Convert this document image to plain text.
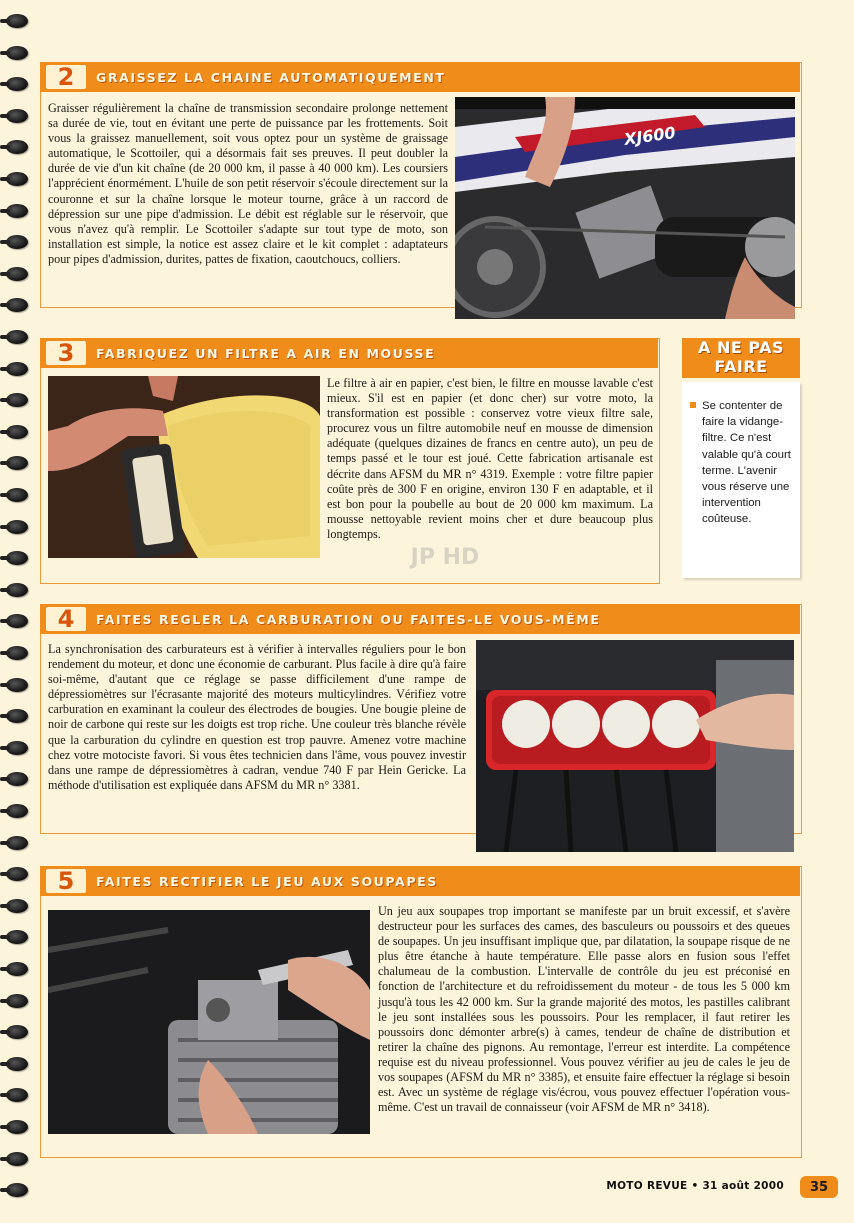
2	GRAISSEZ LA CHAINE AUTOMATIQUEMENT
Graisser régulièrement la chaîne de transmission secondaire prolonge nettement sa durée de vie, tout en évitant une perte de puissance par les frottements. Soit vous la graissez manuellement, soit vous optez pour un système de graissage automatique, le Scottoiler, qui a désormais fait ses preuves. Il peut doubler la durée de vie d'un kit chaîne (de 20 000 km, il passe à 40 000 km). Les coursiers l'apprécient énormément. L'huile de son petit réservoir s'écoule directement sur la couronne et sur la chaîne lorsque le moteur tourne, grâce à un raccord de dépression sur une pipe d'admission. Le débit est réglable sur le réservoir, que vous n'avez qu'à remplir. Le Scottoiler s'adapte sur tout type de moto, son installation est simple, la notice est assez claire et le kit complet : adaptateurs pour pipes d'admission, durites, pattes de fixation, caoutchoucs, colliers.
XJ600
3	FABRIQUEZ UN FILTRE A AIR EN MOUSSE
Le filtre à air en papier, c'est bien, le filtre en mousse lavable c'est mieux. S'il est en papier (et donc cher) sur votre moto, la transformation est possible : conservez votre vieux filtre sale, procurez vous un filtre automobile neuf en mousse de dimension adéquate (quelques dizaines de francs en centre auto), un peu de temps passé et le tour est joué. Cette fabrication artisanale est décrite dans AFSM du MR n° 4319. Exemple : votre filtre papier coûte près de 300 F en origine, environ 130 F en adaptable, et il est bon pour la poubelle au bout de 20 000 km maximum. La mousse nettoyable revient moins cher et dure beaucoup plus longtemps.
JP HD
A NE PAS FAIRE
Se contenter de faire la vidange-filtre. Ce n'est valable qu'à court terme. L'avenir vous réserve une intervention coûteuse.
4	FAITES REGLER LA CARBURATION OU FAITES-LE VOUS-MÊME
La synchronisation des carburateurs est à vérifier à intervalles réguliers pour le bon rendement du moteur, et donc une économie de carburant. Plus facile à dire qu'à faire soi-même, d'autant que ce réglage se passe difficilement d'une rampe de dépressiomètres sur l'écrasante majorité des moteurs multicylindres. Vérifiez votre carburation en examinant la couleur des électrodes de bougies. Une bougie pleine de noir de carbone qui reste sur les doigts est trop riche. Une couleur très blanche révèle que la carburation du cylindre en question est trop pauvre. Amenez votre machine chez votre motociste favori. Si vous êtes technicien dans l'âme, vous pouvez investir dans une rampe de dépressiomètres à cadran, vendue 740 F par Hein Gericke. La méthode d'utilisation est expliquée dans AFSM du MR n° 3381.
5	FAITES RECTIFIER LE JEU AUX SOUPAPES
Un jeu aux soupapes trop important se manifeste par un bruit excessif, et s'avère destructeur pour les surfaces des cames, des basculeurs ou poussoirs et des queues de soupapes. Un jeu insuffisant implique que, par dilatation, la soupape risque de ne plus être étanche à haute température. Elle passe alors en fusion sous l'effet chalumeau de la combustion. L'intervalle de contrôle du jeu est préconisé en fonction de l'architecture et du refroidissement du moteur - de tous les 5 000 km jusqu'à tous les 42 000 km. Sur la grande majorité des motos, les pastilles calibrant le jeu sont installées sous les poussoirs. Pour les remplacer, il faut retirer les poussoirs donc démonter arbre(s) à cames, tendeur de chaîne de distribution et retirer la chaîne des pignons. Au remontage, l'erreur est interdite. La compétence requise est du niveau professionnel. Vous pouvez vérifier au jeu de cales le jeu de vos soupapes (AFSM du MR n° 3385), et ensuite faire effectuer la réglage si besoin est. Avec un système de réglage vis/écrou, vous pouvez effectuer l'opération vous-même. C'est un travail de connaisseur (voir AFSM de MR n° 3418).
MOTO REVUE • 31 août 2000	35
